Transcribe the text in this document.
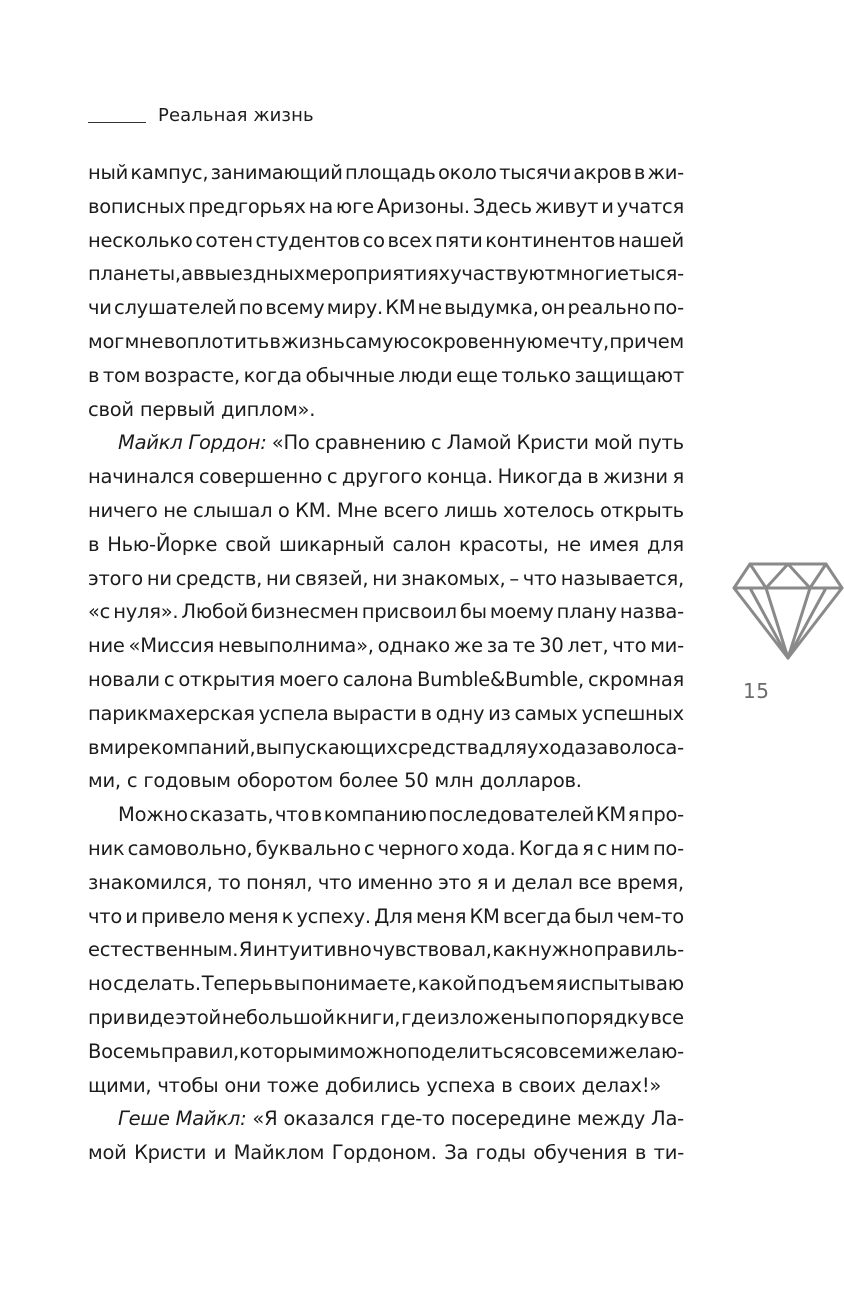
Реальная жизнь
ный кампус, занимающий площадь около тысячи акров в жи-
вописных предгорьях на юге Аризоны. Здесь живут и учатся
несколько сотен студентов со всех пяти континентов нашей
планеты, а в выездных мероприятиях участвуют многие тыся-
чи слушателей по всему миру. КМ не выдумка, он реально по-
мог мне воплотить в жизнь самую сокровенную мечту, причем
в том возрасте, когда обычные люди еще только защищают
свой первый диплом».
Майкл Гордон: «По сравнению с Ламой Кристи мой путь
начинался совершенно с другого конца. Никогда в жизни я
ничего не слышал о КМ. Мне всего лишь хотелось открыть
в Нью-Йорке свой шикарный салон красоты, не имея для
этого ни средств, ни связей, ни знакомых, – что называется,
«с нуля». Любой бизнесмен присвоил бы моему плану назва-
ние «Миссия невыполнима», однако же за те 30 лет, что ми-
новали с открытия моего салона Bumble&Bumble, скромная
парикмахерская успела вырасти в одну из самых успешных
в мире компаний, выпускающих средства для ухода за волоса-
ми, с годовым оборотом более 50 млн долларов.
Можно сказать, что в компанию последователей КМ я про-
ник самовольно, буквально с черного хода. Когда я с ним по-
знакомился, то понял, что именно это я и делал все время,
что и привело меня к успеху. Для меня КМ всегда был чем-то
естественным. Я интуитивно чувствовал, как нужно правиль-
но сделать. Теперь вы понимаете, какой подъем я испытываю
при виде этой небольшой книги, где изложены по порядку все
Восемь правил, которыми можно поделиться со всеми желаю-
щими, чтобы они тоже добились успеха в своих делах!»
Геше Майкл: «Я оказался где-то посередине между Ла-
мой Кристи и Майклом Гордоном. За годы обучения в ти-
15
